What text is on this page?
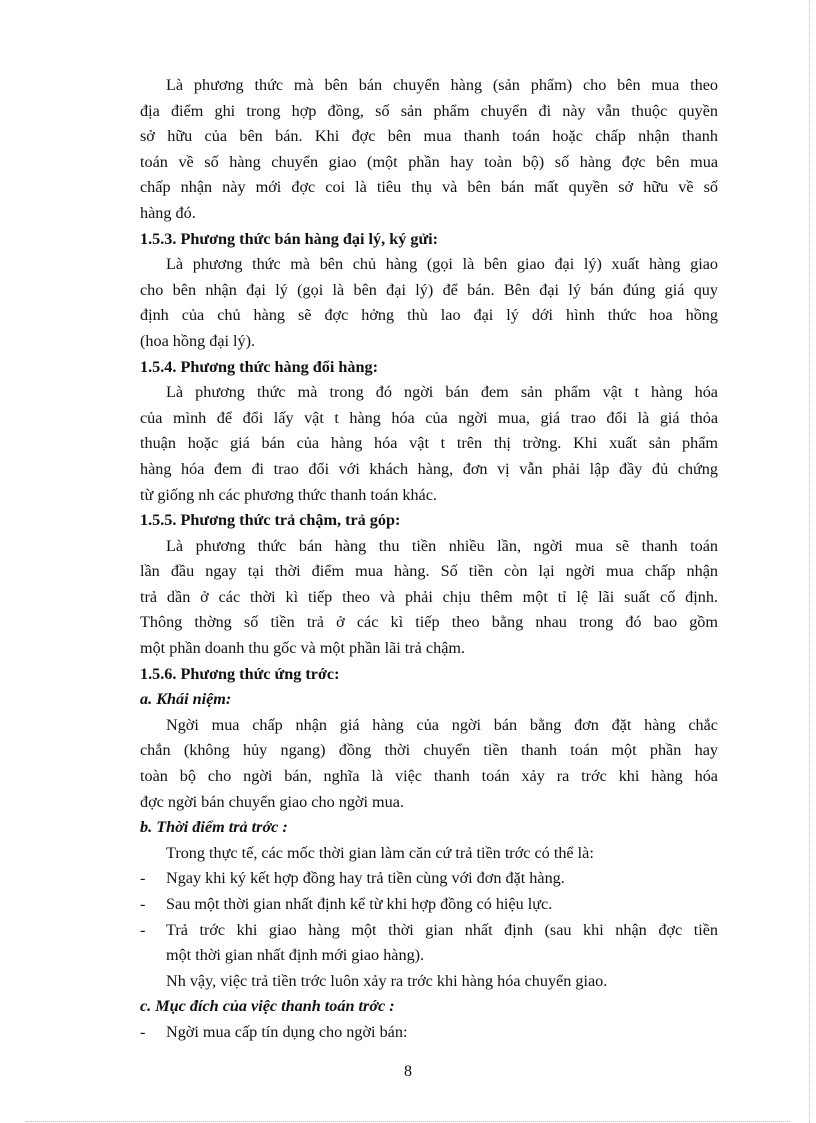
Là phương thức mà bên bán chuyển hàng (sản phẩm) cho bên mua theo
địa điểm ghi trong hợp đồng, số sản phẩm chuyển đi này vẫn thuộc quyền
sở hữu của bên bán. Khi đợc bên mua thanh toán hoặc chấp nhận thanh
toán về số hàng chuyển giao (một phần hay toàn bộ) số hàng đợc bên mua
chấp nhận này mới đợc coi là tiêu thụ và bên bán mất quyền sở hữu về số
hàng đó.
1.5.3. Phương thức bán hàng đại lý, ký gửi:
Là phương thức mà bên chủ hàng (gọi là bên giao đại lý) xuất hàng giao
cho bên nhận đại lý (gọi là bên đại lý) để bán. Bên đại lý bán đúng giá quy
định của chủ hàng sẽ đợc hởng thù lao đại lý dới hình thức hoa hồng
(hoa hồng đại lý).
1.5.4. Phương thức hàng đổi hàng:
Là phương thức mà trong đó ngời bán đem sản phẩm vật t hàng hóa
của mình để đổi lấy vật t hàng hóa của ngời mua, giá trao đổi là giá thỏa
thuận hoặc giá bán của hàng hóa vật t trên thị trờng. Khi xuất sản phẩm
hàng hóa đem đi trao đổi với khách hàng, đơn vị vẫn phải lập đầy đủ chứng
từ giống nh các phương thức thanh toán khác.
1.5.5. Phương thức trả chậm, trả góp:
Là phương thức bán hàng thu tiền nhiều lần, ngời mua sẽ thanh toán
lần đầu ngay tại thời điểm mua hàng. Số tiền còn lại ngời mua chấp nhận
trả dần ở các thời kì tiếp theo và phải chịu thêm một tỉ lệ lãi suất cố định.
Thông thờng số tiền trả ở các kì tiếp theo bằng nhau trong đó bao gồm
một phần doanh thu gốc và một phần lãi trả chậm.
1.5.6. Phương thức ứng trớc:
a. Khái niệm:
Ngời mua chấp nhận giá hàng của ngời bán bằng đơn đặt hàng chắc
chắn (không hủy ngang) đồng thời chuyển tiền thanh toán một phần hay
toàn bộ cho ngời bán, nghĩa là việc thanh toán xảy ra trớc khi hàng hóa
đợc ngời bán chuyển giao cho ngời mua.
b. Thời điểm trả trớc :
Trong thực tế, các mốc thời gian làm căn cứ trả tiền trớc có thể là:
- Ngay khi ký kết hợp đồng hay trả tiền cùng với đơn đặt hàng.
- Sau một thời gian nhất định kể từ khi hợp đồng có hiệu lực.
- Trả trớc khi giao hàng một thời gian nhất định (sau khi nhận đợc tiền
một thời gian nhất định mới giao hàng).
Nh vậy, việc trả tiền trớc luôn xảy ra trớc khi hàng hóa chuyển giao.
c. Mục đích của việc thanh toán trớc :
- Ngời mua cấp tín dụng cho ngời bán:
8
